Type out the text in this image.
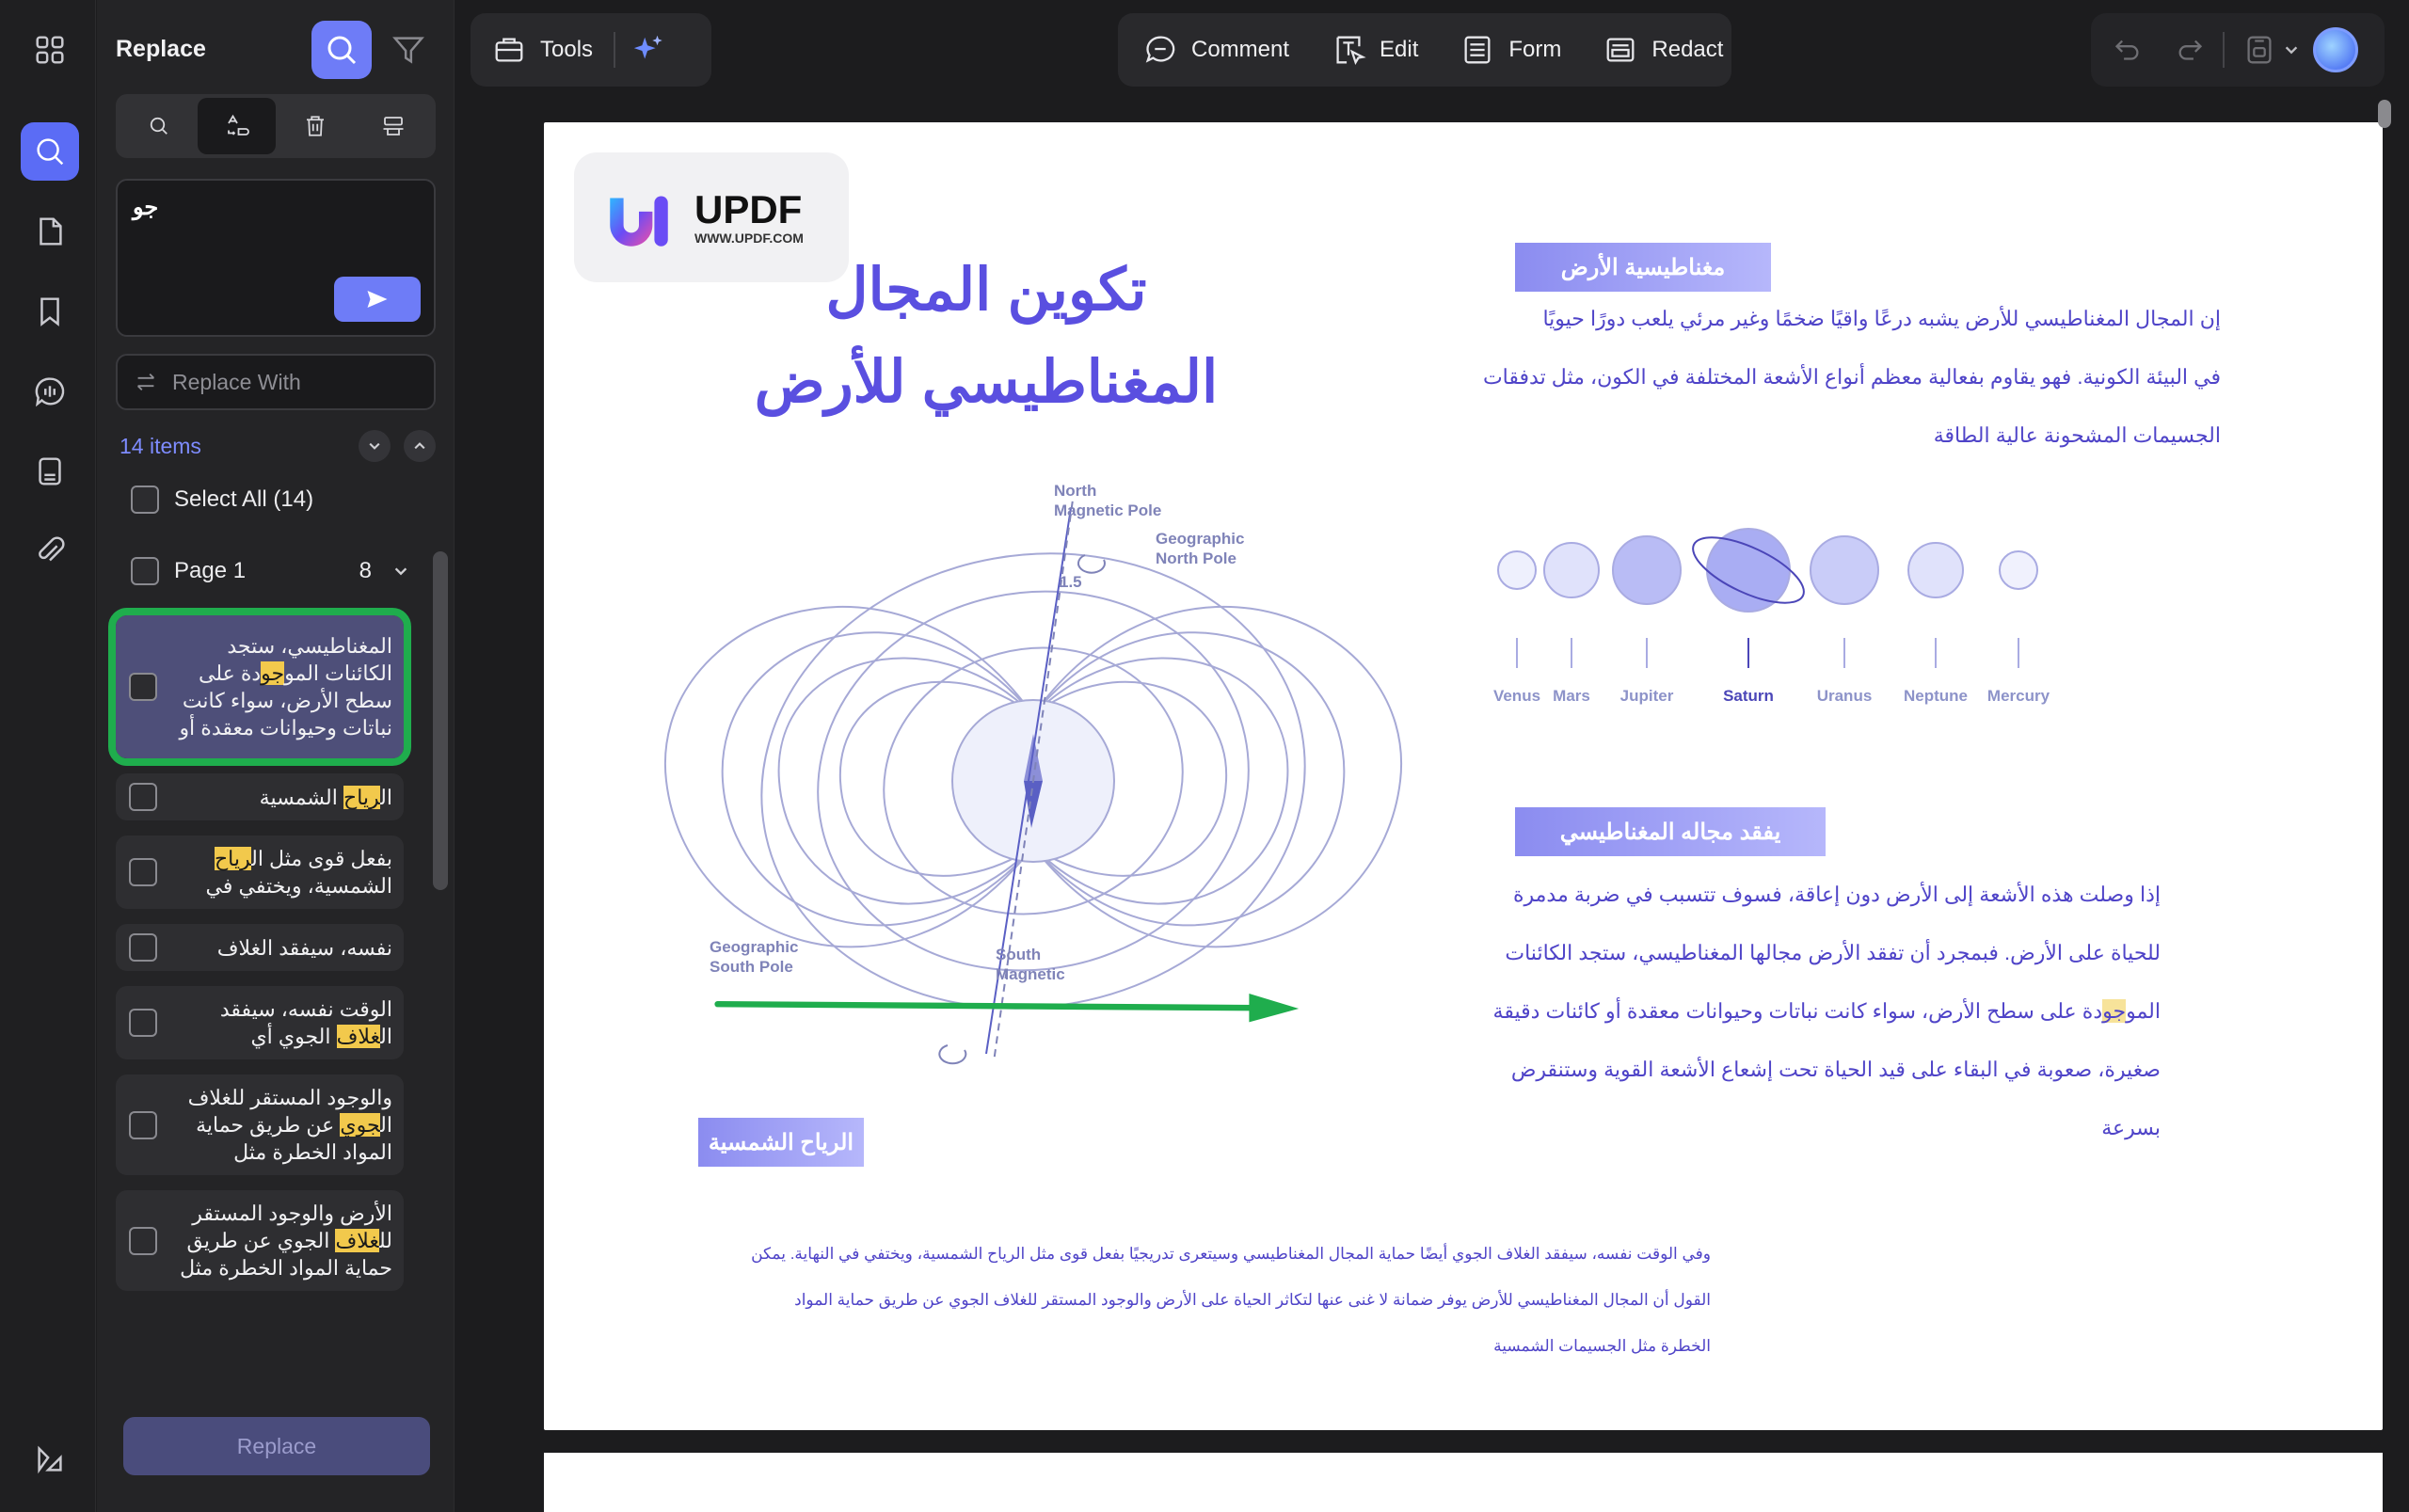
Replace
جو
Replace With
14 items
Select All (14)
Page 1	8
المغناطيسي، ستجد الكائنات الموجودة على سطح الأرض، سواء كانت نباتات وحيوانات معقدة أو
الرياح الشمسية
بفعل قوى مثل الرياح الشمسية، ويختفي في
نفسه، سيفقد الغلاف
الوقت نفسه، سيفقد الغلاف الجوي أي
والوجود المستقر للغلاف الجوي عن طريق حماية المواد الخطرة مثل
الأرض والوجود المستقر للغلاف الجوي عن طريق حماية المواد الخطرة مثل
Replace
Tools	Comment	Edit	Form	Redact
UPDF
WWW.UPDF.COM
تكوين المجال
المغناطيسي للأرض
North
Magnetic Pole
Geographic
North Pole
1.5
Geographic
South Pole
South
Magnetic
مغناطيسية الأرض
إن المجال المغناطيسي للأرض يشبه درعًا واقيًا ضخمًا وغير مرئي يلعب دورًا حيويًا
في البيئة الكونية. فهو يقاوم بفعالية معظم أنواع الأشعة المختلفة في الكون، مثل تدفقات
الجسيمات المشحونة عالية الطاقة
Venus Mars Jupiter	Saturn	Uranus Neptune Mercury
يفقد مجاله المغناطيسي
إذا وصلت هذه الأشعة إلى الأرض دون إعاقة، فسوف تتسبب في ضربة مدمرة
للحياة على الأرض. فبمجرد أن تفقد الأرض مجالها المغناطيسي، ستجد الكائنات
الموجودة على سطح الأرض، سواء كانت نباتات وحيوانات معقدة أو كائنات دقيقة
صغيرة، صعوبة في البقاء على قيد الحياة تحت إشعاع الأشعة القوية وستنقرض
بسرعة
الرياح الشمسية
وفي الوقت نفسه، سيفقد الغلاف الجوي أيضًا حماية المجال المغناطيسي وسيتعرى تدريجيًا بفعل قوى مثل الرياح الشمسية، ويختفي في النهاية. يمكن
القول أن المجال المغناطيسي للأرض يوفر ضمانة لا غنى عنها لتكاثر الحياة على الأرض والوجود المستقر للغلاف الجوي عن طريق حماية المواد
الخطرة مثل الجسيمات الشمسية
